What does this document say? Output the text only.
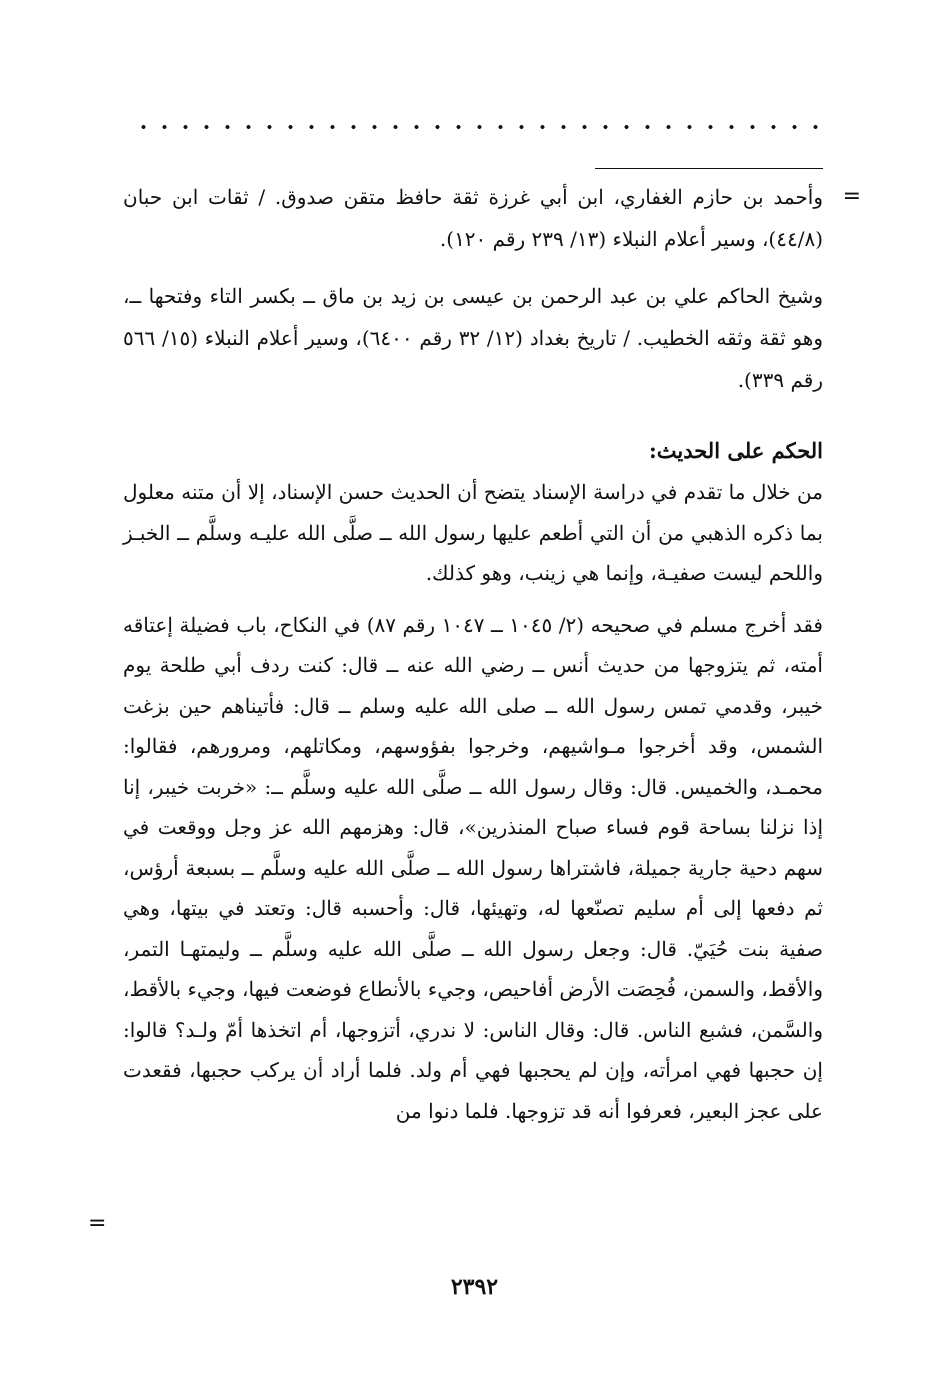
=

وأحمد بن حازم الغفاري، ابن أبي غرزة ثقة حافظ متقن صدوق. / ثقات ابن حبان (٤٤/٨)، وسير أعلام النبلاء (١٣/ ٢٣٩ رقم ١٢٠).

وشيخ الحاكم علي بن عبد الرحمن بن عيسى بن زيد بن ماق ــ بكسر التاء وفتحها ــ، وهو ثقة وثقه الخطيب. / تاريخ بغداد (١٢/ ٣٢ رقم ٦٤٠٠)، وسير أعلام النبلاء (١٥/ ٥٦٦ رقم ٣٣٩).

الحكم على الحديث:

من خلال ما تقدم في دراسة الإسناد يتضح أن الحديث حسن الإسناد، إلا أن متنه معلول بما ذكره الذهبي من أن التي أطعم عليها رسول الله ــ صلَّى الله عليـه وسلَّم ــ الخبـز واللحم ليست صفيـة، وإنما هي زينب، وهو كذلك.

فقد أخرج مسلم في صحيحه (٢/ ١٠٤٥ ــ ١٠٤٧ رقم ٨٧) في النكاح، باب فضيلة إعتاقه أمته، ثم يتزوجها من حديث أنس ــ رضي الله عنه ــ قال: كنت ردف أبي طلحة يوم خيبر، وقدمي تمس رسول الله ــ صلى الله عليه وسلم ــ قال: فأتيناهم حين بزغت الشمس، وقد أخرجوا مـواشيهم، وخرجوا بفؤوسهم، ومكاتلهم، ومرورهم، فقالوا: محمـد، والخميس. قال: وقال رسول الله ــ صلَّى الله عليه وسلَّم ــ: «خربت خيبر، إنا إذا نزلنا بساحة قوم فساء صباح المنذرين»، قال: وهزمهم الله عز وجل ووقعت في سهم دحية جارية جميلة، فاشتراها رسول الله ــ صلَّى الله عليه وسلَّم ــ بسبعة أرؤس، ثم دفعها إلى أم سليم تصنّعها له، وتهيئها، قال: وأحسبه قال: وتعتد في بيتها، وهي صفية بنت حُيَيّ. قال: وجعل رسول الله ــ صلَّى الله عليه وسلَّم ــ وليمتهـا التمر، والأقط، والسمن، فُحِصَت الأرض أفاحيص، وجيء بالأنطاع فوضعت فيها، وجيء بالأقط، والسَّمن، فشبع الناس. قال: وقال الناس: لا ندري، أتزوجها، أم اتخذها أمّ ولـد؟ قالوا: إن حجبها فهي امرأته، وإن لم يحجبها فهي أم ولد. فلما أراد أن يركب حجبها، فقعدت على عجز البعير، فعرفوا أنه قد تزوجها. فلما دنوا من

=
٢٣٩٢
